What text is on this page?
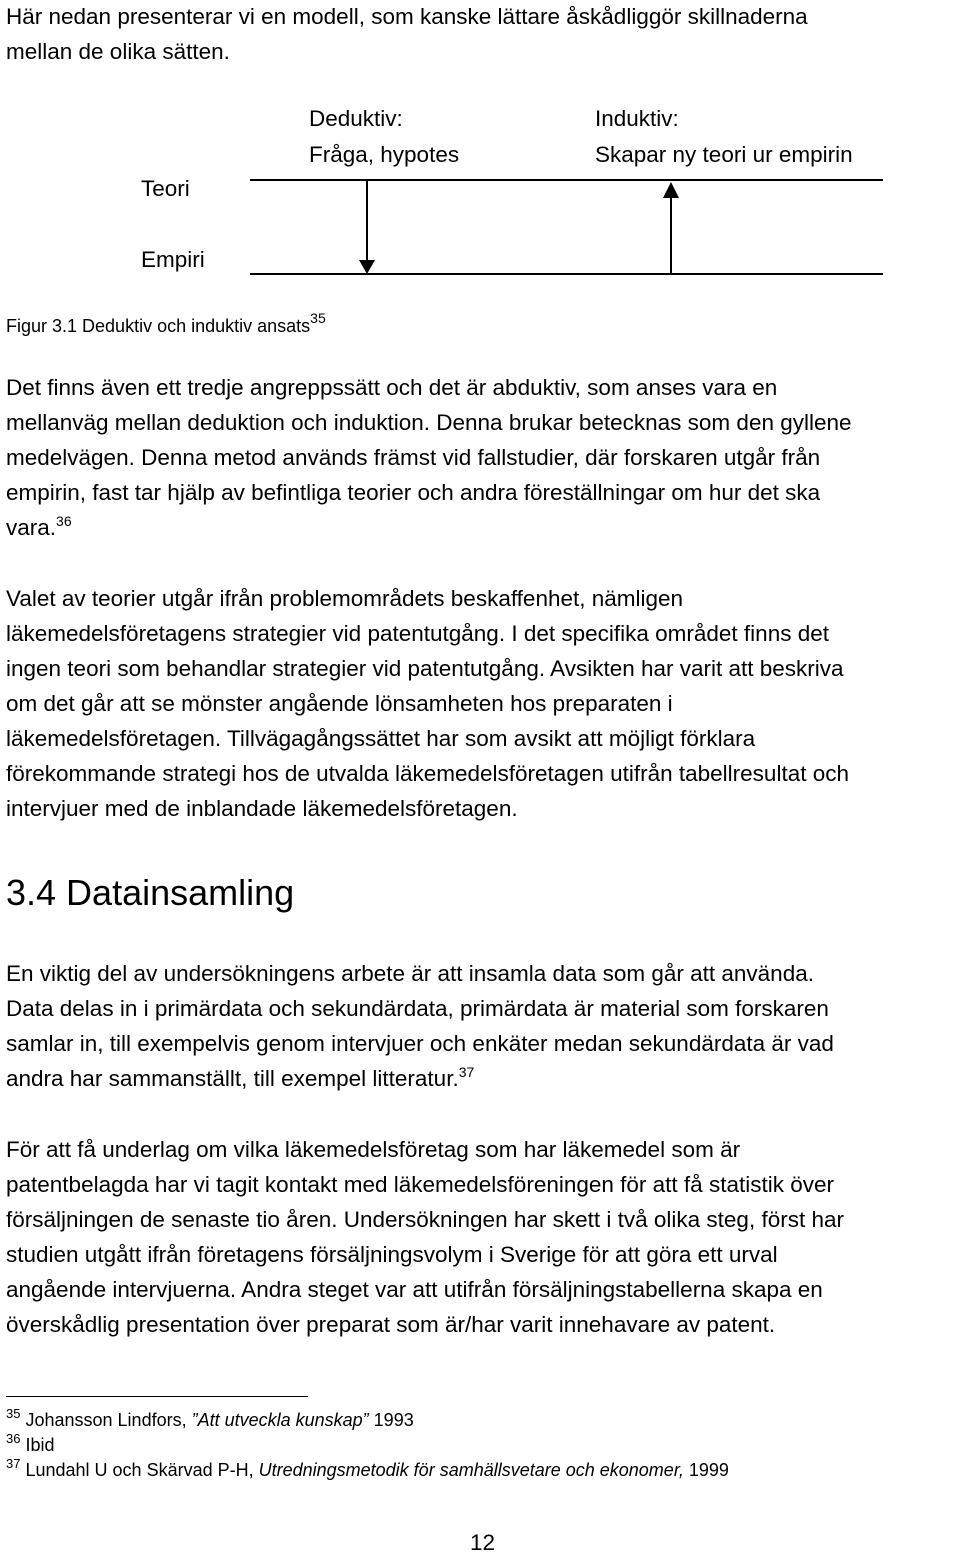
Här nedan presenterar vi en modell, som kanske lättare åskådliggör skillnaderna
mellan de olika sätten.
Deduktiv:
Fråga, hypotes
Induktiv:
Skapar ny teori ur empirin
Teori
Empiri
Figur 3.1 Deduktiv och induktiv ansats$^{35}$
Det finns även ett tredje angreppssätt och det är abduktiv, som anses vara en
mellanväg mellan deduktion och induktion. Denna brukar betecknas som den gyllene
medelvägen. Denna metod används främst vid fallstudier, där forskaren utgår från
empirin, fast tar hjälp av befintliga teorier och andra föreställningar om hur det ska
vara.$^{36}$
Valet av teorier utgår ifrån problemområdets beskaffenhet, nämligen
läkemedelsföretagens strategier vid patentutgång. I det specifika området finns det
ingen teori som behandlar strategier vid patentutgång. Avsikten har varit att beskriva
om det går att se mönster angående lönsamheten hos preparaten i
läkemedelsföretagen. Tillvägagångssättet har som avsikt att möjligt förklara
förekommande strategi hos de utvalda läkemedelsföretagen utifrån tabellresultat och
intervjuer med de inblandade läkemedelsföretagen.
3.4 Datainsamling
En viktig del av undersökningens arbete är att insamla data som går att använda.
Data delas in i primärdata och sekundärdata, primärdata är material som forskaren
samlar in, till exempelvis genom intervjuer och enkäter medan sekundärdata är vad
andra har sammanställt, till exempel litteratur.$^{37}$
För att få underlag om vilka läkemedelsföretag som har läkemedel som är
patentbelagda har vi tagit kontakt med läkemedelsföreningen för att få statistik över
försäljningen de senaste tio åren. Undersökningen har skett i två olika steg, först har
studien utgått ifrån företagens försäljningsvolym i Sverige för att göra ett urval
angående intervjuerna. Andra steget var att utifrån försäljningstabellerna skapa en
överskådlig presentation över preparat som är/har varit innehavare av patent.
$^{35}$ Johansson Lindfors, ”Att utveckla kunskap” 1993
$^{36}$ Ibid
$^{37}$ Lundahl U och Skärvad P-H, Utredningsmetodik för samhällsvetare och ekonomer, 1999
12
